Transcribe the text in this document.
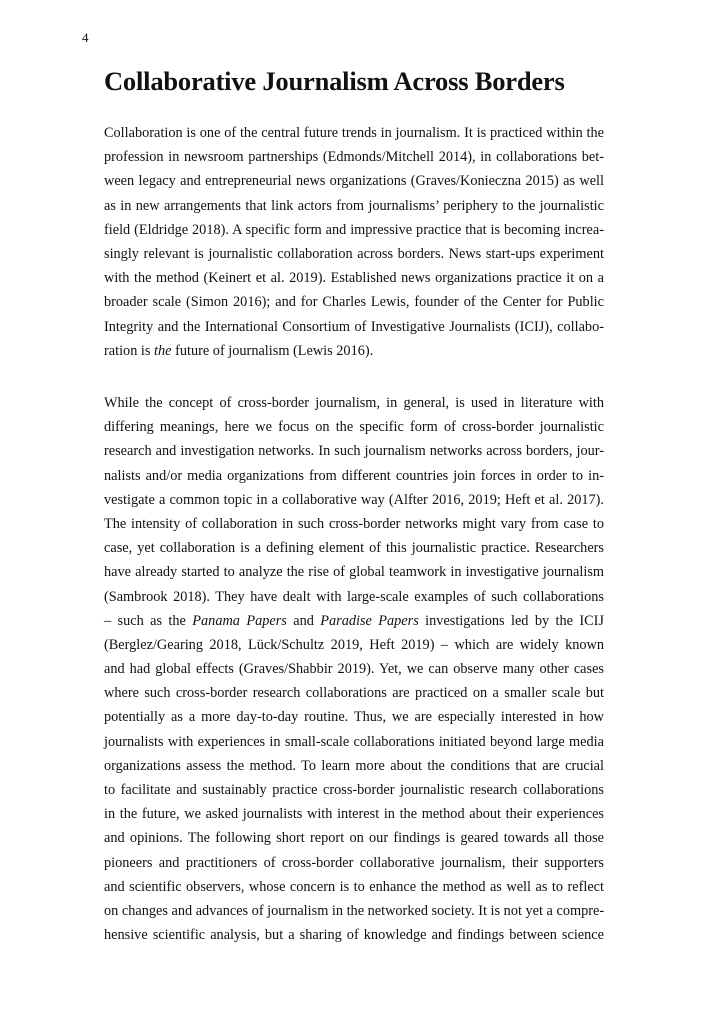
4
Collaborative Journalism Across Borders
Collaboration is one of the central future trends in journalism. It is practiced within the
profession in newsroom partnerships (Edmonds/Mitchell 2014), in collaborations bet-
ween legacy and entrepreneurial news organizations (Graves/Konieczna 2015) as well
as in new arrangements that link actors from journalisms’ periphery to the journalistic
field (Eldridge 2018). A specific form and impressive practice that is becoming increa-
singly relevant is journalistic collaboration across borders. News start-ups experiment
with the method (Keinert et al. 2019). Established news organizations practice it on a
broader scale (Simon 2016); and for Charles Lewis, founder of the Center for Public
Integrity and the International Consortium of Investigative Journalists (ICIJ), collabo-
ration is the future of journalism (Lewis 2016).
While the concept of cross-border journalism, in general, is used in literature with
differing meanings, here we focus on the specific form of cross-border journalistic
research and investigation networks. In such journalism networks across borders, jour-
nalists and/or media organizations from different countries join forces in order to in-
vestigate a common topic in a collaborative way (Alfter 2016, 2019; Heft et al. 2017).
The intensity of collaboration in such cross-border networks might vary from case to
case, yet collaboration is a defining element of this journalistic practice. Researchers
have already started to analyze the rise of global teamwork in investigative journalism
(Sambrook 2018). They have dealt with large-scale examples of such collaborations
– such as the Panama Papers and Paradise Papers investigations led by the ICIJ
(Berglez/Gearing 2018, Lück/Schultz 2019, Heft 2019) – which are widely known
and had global effects (Graves/Shabbir 2019). Yet, we can observe many other cases
where such cross-border research collaborations are practiced on a smaller scale but
potentially as a more day-to-day routine. Thus, we are especially interested in how
journalists with experiences in small-scale collaborations initiated beyond large media
organizations assess the method. To learn more about the conditions that are crucial
to facilitate and sustainably practice cross-border journalistic research collaborations
in the future, we asked journalists with interest in the method about their experiences
and opinions. The following short report on our findings is geared towards all those
pioneers and practitioners of cross-border collaborative journalism, their supporters
and scientific observers, whose concern is to enhance the method as well as to reflect
on changes and advances of journalism in the networked society. It is not yet a compre-
hensive scientific analysis, but a sharing of knowledge and findings between science
